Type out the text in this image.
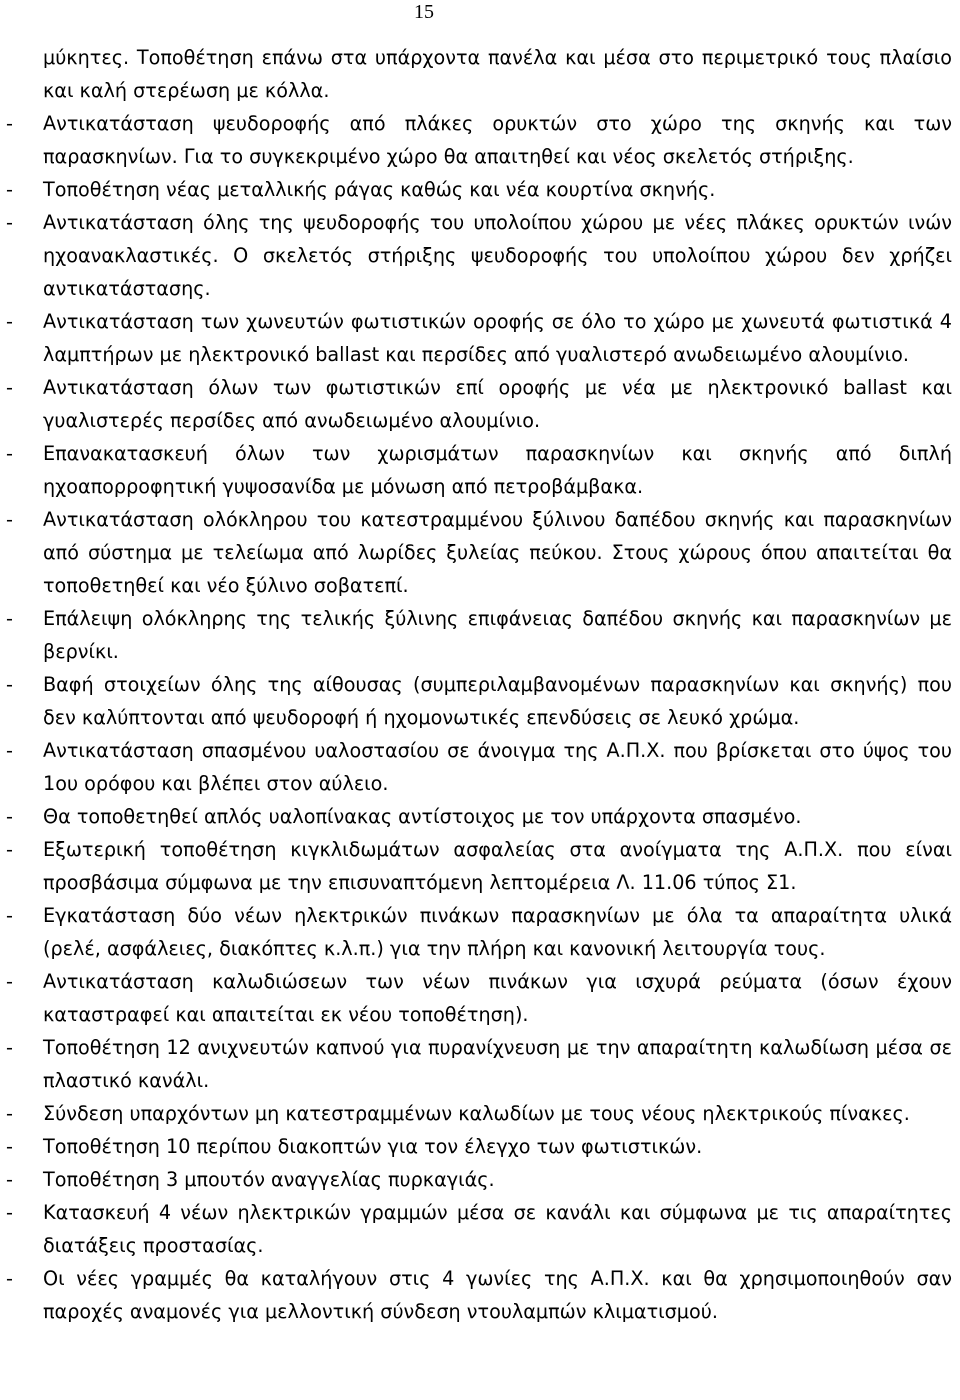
15

μύκητες. Τοποθέτηση επάνω στα υπάρχοντα πανέλα και μέσα στο περιμετρικό τους πλαίσιο και καλή στερέωση με κόλλα.

- Αντικατάσταση ψευδοροφής από πλάκες ορυκτών στο χώρο της σκηνής και των παρασκηνίων. Για το συγκεκριμένο χώρο θα απαιτηθεί και νέος σκελετός στήριξης.

- Τοποθέτηση νέας μεταλλικής ράγας καθώς και νέα κουρτίνα σκηνής.

- Αντικατάσταση όλης της ψευδοροφής του υπολοίπου χώρου με νέες πλάκες ορυκτών ινών ηχοανακλαστικές. Ο σκελετός στήριξης ψευδοροφής του υπολοίπου χώρου δεν χρήζει αντικατάστασης.

- Αντικατάσταση των χωνευτών φωτιστικών οροφής σε όλο το χώρο με χωνευτά φωτιστικά 4 λαμπτήρων με ηλεκτρονικό ballast και περσίδες από γυαλιστερό ανωδειωμένο αλουμίνιο.

- Αντικατάσταση όλων των φωτιστικών επί οροφής με νέα με ηλεκτρονικό ballast και γυαλιστερές περσίδες από ανωδειωμένο αλουμίνιο.

- Επανακατασκευή όλων των χωρισμάτων παρασκηνίων και σκηνής από διπλή ηχοαπορροφητική γυψοσανίδα με μόνωση από πετροβάμβακα.

- Αντικατάσταση ολόκληρου του κατεστραμμένου ξύλινου δαπέδου σκηνής και παρασκηνίων από σύστημα με τελείωμα από λωρίδες ξυλείας πεύκου. Στους χώρους όπου απαιτείται θα τοποθετηθεί και νέο ξύλινο σοβατεπί.

- Επάλειψη ολόκληρης της τελικής ξύλινης επιφάνειας δαπέδου σκηνής και παρασκηνίων με βερνίκι.

- Βαφή στοιχείων όλης της αίθουσας (συμπεριλαμβανομένων παρασκηνίων και σκηνής) που δεν καλύπτονται από ψευδοροφή ή ηχομονωτικές επενδύσεις σε λευκό χρώμα.

- Αντικατάσταση σπασμένου υαλοστασίου σε άνοιγμα της Α.Π.Χ. που βρίσκεται στο ύψος του 1ου ορόφου και βλέπει στον αύλειο.

- Θα τοποθετηθεί απλός υαλοπίνακας αντίστοιχος με τον υπάρχοντα σπασμένο.

- Εξωτερική τοποθέτηση κιγκλιδωμάτων ασφαλείας στα ανοίγματα της Α.Π.Χ. που είναι προσβάσιμα σύμφωνα με την επισυναπτόμενη λεπτομέρεια Λ. 11.06 τύπος Σ1.

- Εγκατάσταση δύο νέων ηλεκτρικών πινάκων παρασκηνίων με όλα τα απαραίτητα υλικά (ρελέ, ασφάλειες, διακόπτες κ.λ.π.) για την πλήρη και κανονική λειτουργία τους.

- Αντικατάσταση καλωδιώσεων των νέων πινάκων για ισχυρά ρεύματα (όσων έχουν καταστραφεί και απαιτείται εκ νέου τοποθέτηση).

- Τοποθέτηση 12 ανιχνευτών καπνού για πυρανίχνευση με την απαραίτητη καλωδίωση μέσα σε πλαστικό κανάλι.

- Σύνδεση υπαρχόντων μη κατεστραμμένων καλωδίων με τους νέους ηλεκτρικούς πίνακες.

- Τοποθέτηση 10 περίπου διακοπτών για τον έλεγχο των φωτιστικών.

- Τοποθέτηση 3 μπουτόν αναγγελίας πυρκαγιάς.

- Κατασκευή 4 νέων ηλεκτρικών γραμμών μέσα σε κανάλι και σύμφωνα με τις απαραίτητες διατάξεις προστασίας.

- Οι νέες γραμμές θα καταλήγουν στις 4 γωνίες της Α.Π.Χ. και θα χρησιμοποιηθούν σαν παροχές αναμονές για μελλοντική σύνδεση ντουλαμπών κλιματισμού.
